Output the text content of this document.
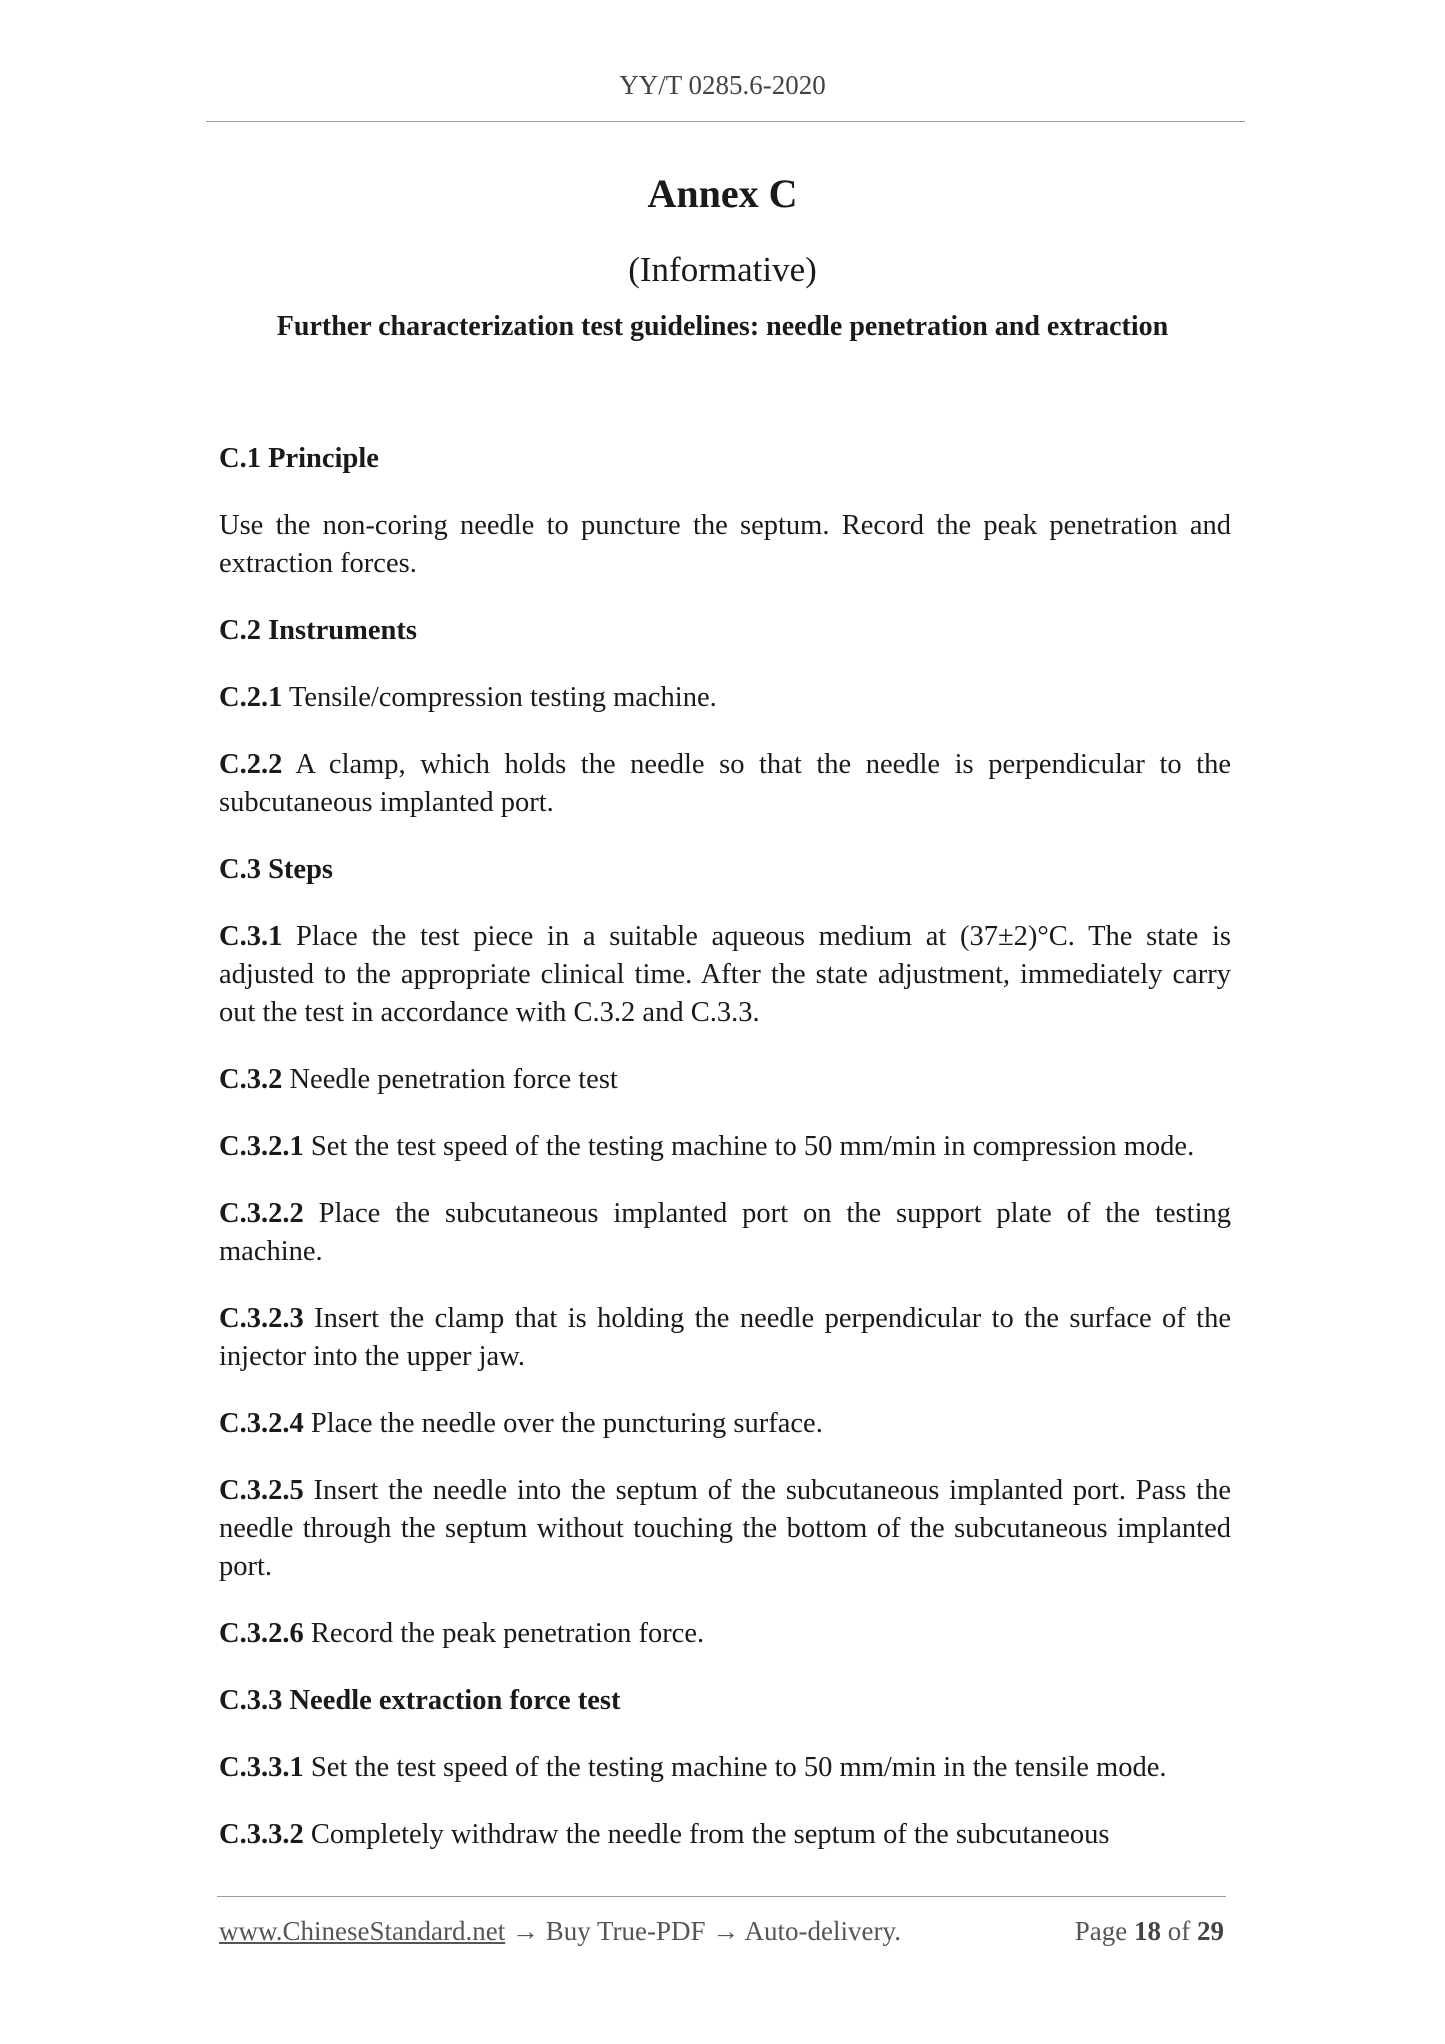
YY/T 0285.6-2020
Annex C
(Informative)
Further characterization test guidelines: needle penetration and extraction

C.1 Principle

Use the non-coring needle to puncture the septum. Record the peak penetration and extraction forces.

C.2 Instruments

C.2.1 Tensile/compression testing machine.

C.2.2 A clamp, which holds the needle so that the needle is perpendicular to the subcutaneous implanted port.

C.3 Steps

C.3.1 Place the test piece in a suitable aqueous medium at (37±2)°C. The state is adjusted to the appropriate clinical time. After the state adjustment, immediately carry out the test in accordance with C.3.2 and C.3.3.

C.3.2 Needle penetration force test

C.3.2.1 Set the test speed of the testing machine to 50 mm/min in compression mode.

C.3.2.2 Place the subcutaneous implanted port on the support plate of the testing machine.

C.3.2.3 Insert the clamp that is holding the needle perpendicular to the surface of the injector into the upper jaw.

C.3.2.4 Place the needle over the puncturing surface.

C.3.2.5 Insert the needle into the septum of the subcutaneous implanted port. Pass the needle through the septum without touching the bottom of the subcutaneous implanted port.

C.3.2.6 Record the peak penetration force.

C.3.3 Needle extraction force test

C.3.3.1 Set the test speed of the testing machine to 50 mm/min in the tensile mode.

C.3.3.2 Completely withdraw the needle from the septum of the subcutaneous

www.ChineseStandard.net → Buy True-PDF → Auto-delivery.	Page 18 of 29
